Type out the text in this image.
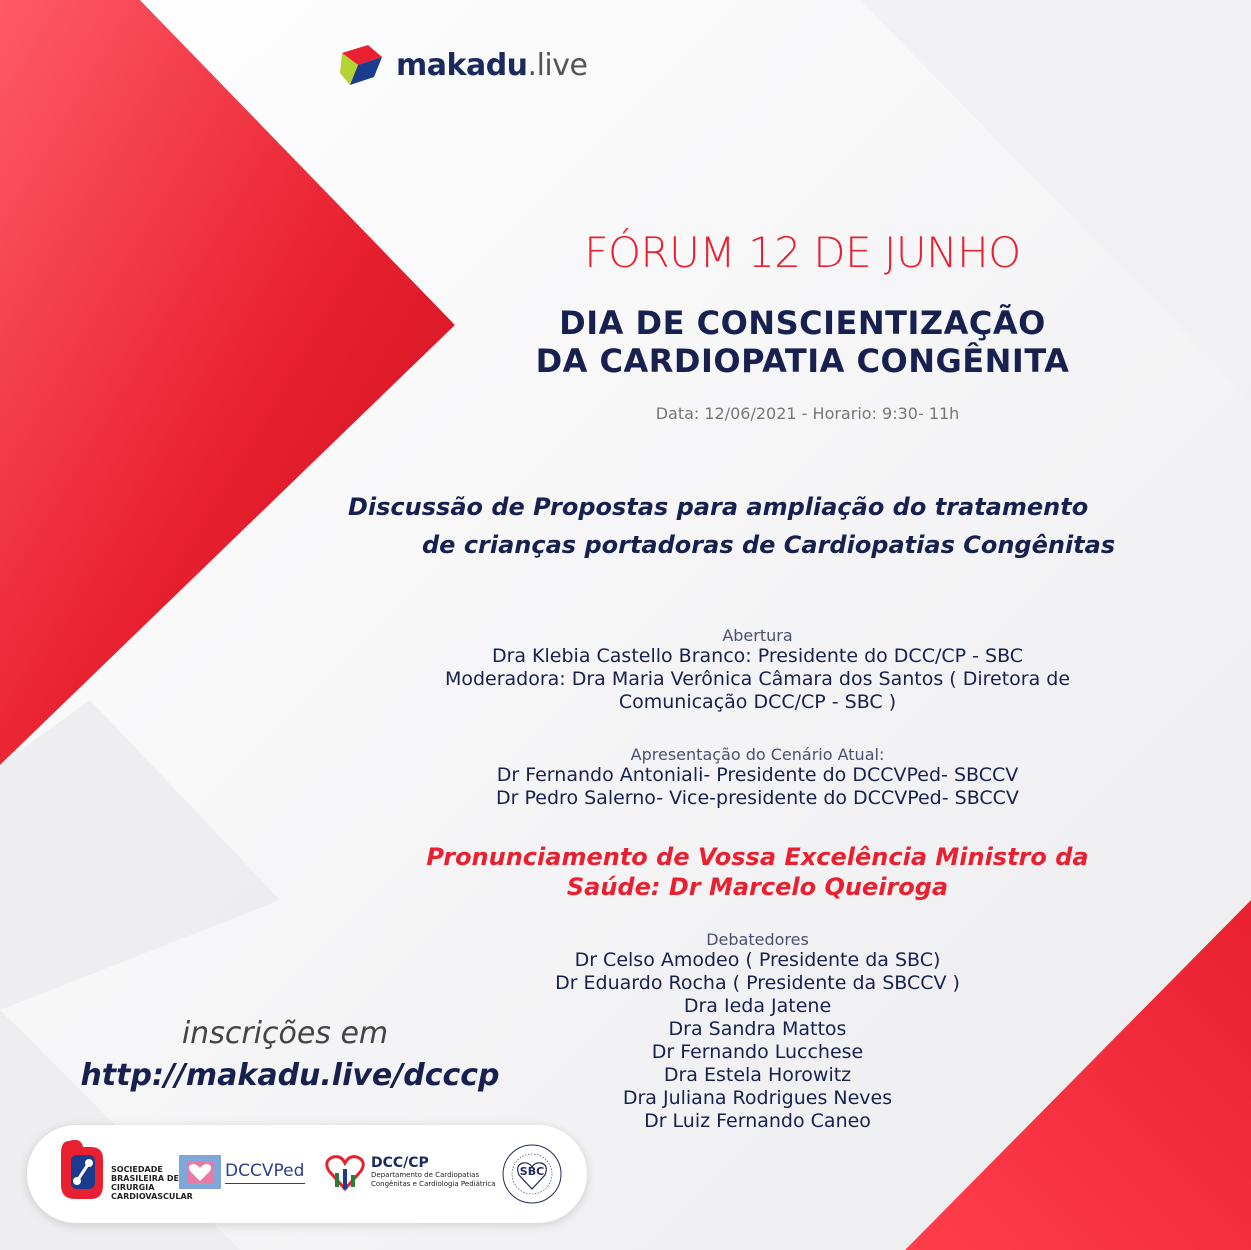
makadu.live
FÓRUM 12 DE JUNHO
DIA DE CONSCIENTIZAÇÃO
DA CARDIOPATIA CONGÊNITA
Data: 12/06/2021 - Horario: 9:30- 11h
Discussão de Propostas para ampliação do tratamento
de crianças portadoras de Cardiopatias Congênitas
Abertura
Dra Klebia Castello Branco: Presidente do DCC/CP - SBC
Moderadora: Dra Maria Verônica Câmara dos Santos ( Diretora de
Comunicação DCC/CP - SBC )
Apresentação do Cenário Atual:
Dr Fernando Antoniali- Presidente do DCCVPed- SBCCV
Dr Pedro Salerno- Vice-presidente do DCCVPed- SBCCV
Pronunciamento de Vossa Excelência Ministro da
Saúde: Dr Marcelo Queiroga
Debatedores
Dr Celso Amodeo ( Presidente da SBC)
Dr Eduardo Rocha ( Presidente da SBCCV )
Dra Ieda Jatene
Dra Sandra Mattos
Dr Fernando Lucchese
Dra Estela Horowitz
Dra Juliana Rodrigues Neves
Dr Luiz Fernando Caneo
inscrições em
http://makadu.live/dcccp
SOCIEDADE
BRASILEIRA DE
CIRURGIA
CARDIOVASCULAR
DCCVPed	DCC/CP
Departamento de Cardiopatias
Congênitas e Cardiologia Pediátrica
SBC
